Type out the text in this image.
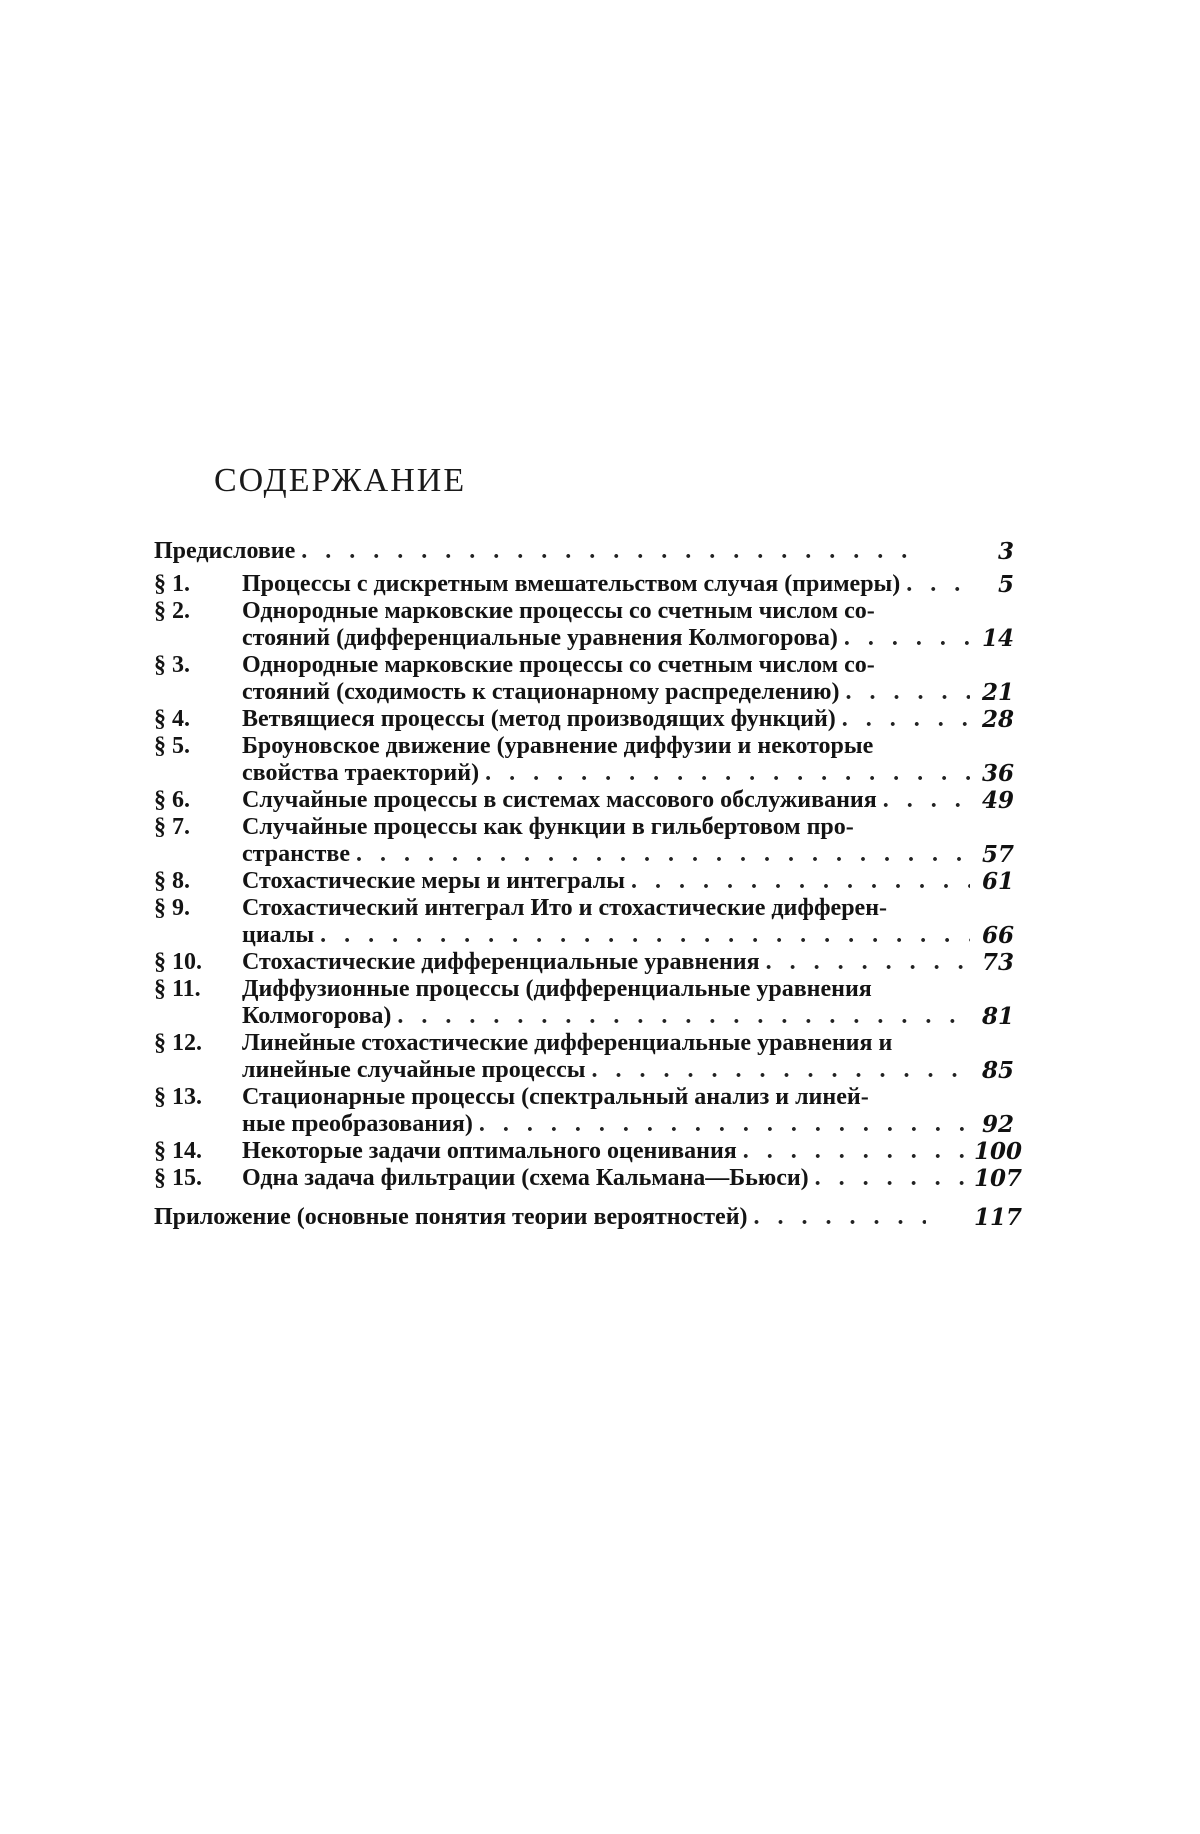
СОДЕРЖАНИЕ
Предисловие . . .	3
§ 1.	Процессы с дискретным вмешательством случая (примеры) . . .	5
§ 2.	Однородные марковские процессы со счетным числом со-
стояний (дифференциальные уравнения Колмогорова) . . .	14
§ 3.	Однородные марковские процессы со счетным числом со-
стояний (сходимость к стационарному распределению) . . .	21
§ 4.	Ветвящиеся процессы (метод производящих функций) . . .	28
§ 5.	Броуновское движение (уравнение диффузии и некоторые
свойства траекторий) . . .	36
§ 6.	Случайные процессы в системах массового обслуживания . . .	49
§ 7.	Случайные процессы как функции в гильбертовом про-
странстве . . .	57
§ 8.	Стохастические меры и интегралы . . .	61
§ 9.	Стохастический интеграл Ито и стохастические дифферен-
циалы . . .	66
§ 10.	Стохастические дифференциальные уравнения . . .	73
§ 11.	Диффузионные процессы (дифференциальные уравнения
Колмогорова) . . .	81
§ 12.	Линейные стохастические дифференциальные уравнения и
линейные случайные процессы . . .	85
§ 13.	Стационарные процессы (спектральный анализ и линей-
ные преобразования) . . .	92
§ 14.	Некоторые задачи оптимального оценивания . . .	100
§ 15.	Одна задача фильтрации (схема Кальмана—Бьюси) . . .	107
Приложение (основные понятия теории вероятностей) . . .	117
